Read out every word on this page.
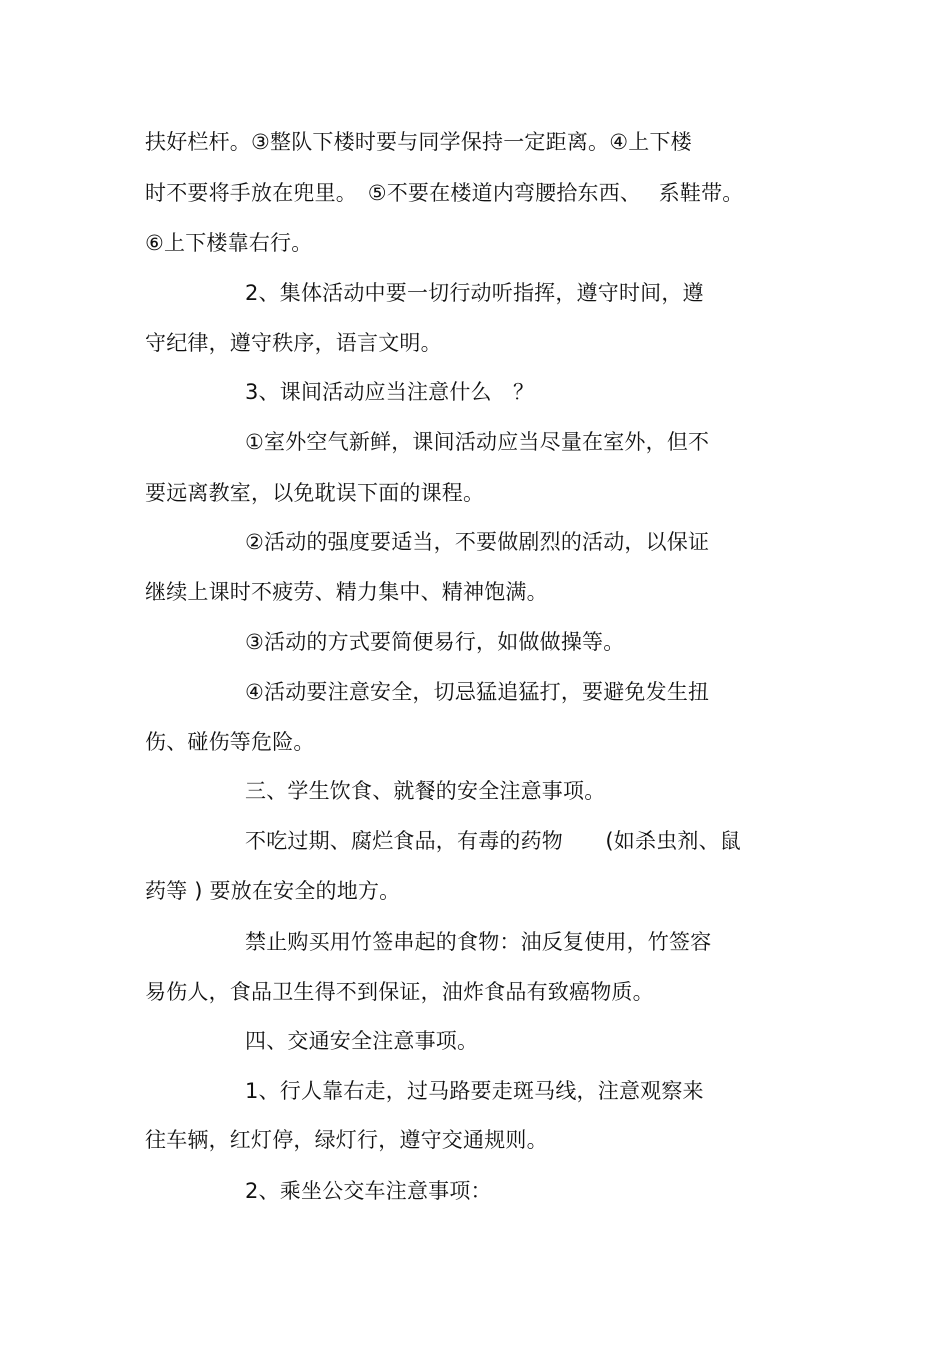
扶好栏杆。③整队下楼时要与同学保持一定距离。④上下楼
时不要将手放在兜里。　⑤不要在楼道内弯腰拾东西、　 系鞋带。
⑥上下楼靠右行。
2、集体活动中要一切行动听指挥，遵守时间，遵
守纪律，遵守秩序，语言文明。
3、课间活动应当注意什么　？
①室外空气新鲜，课间活动应当尽量在室外，但不
要远离教室，以免耽误下面的课程。
②活动的强度要适当，不要做剧烈的活动，以保证
继续上课时不疲劳、精力集中、精神饱满。
③活动的方式要简便易行，如做做操等。
④活动要注意安全，切忌猛追猛打，要避免发生扭
伤、碰伤等危险。
三、学生饮食、就餐的安全注意事项。
不吃过期、腐烂食品，有毒的药物　　(如杀虫剂、鼠
药等 ) 要放在安全的地方。
禁止购买用竹签串起的食物：油反复使用，竹签容
易伤人，食品卫生得不到保证，油炸食品有致癌物质。
四、交通安全注意事项。
1、行人靠右走，过马路要走斑马线，注意观察来
往车辆，红灯停，绿灯行，遵守交通规则。
2、乘坐公交车注意事项：
